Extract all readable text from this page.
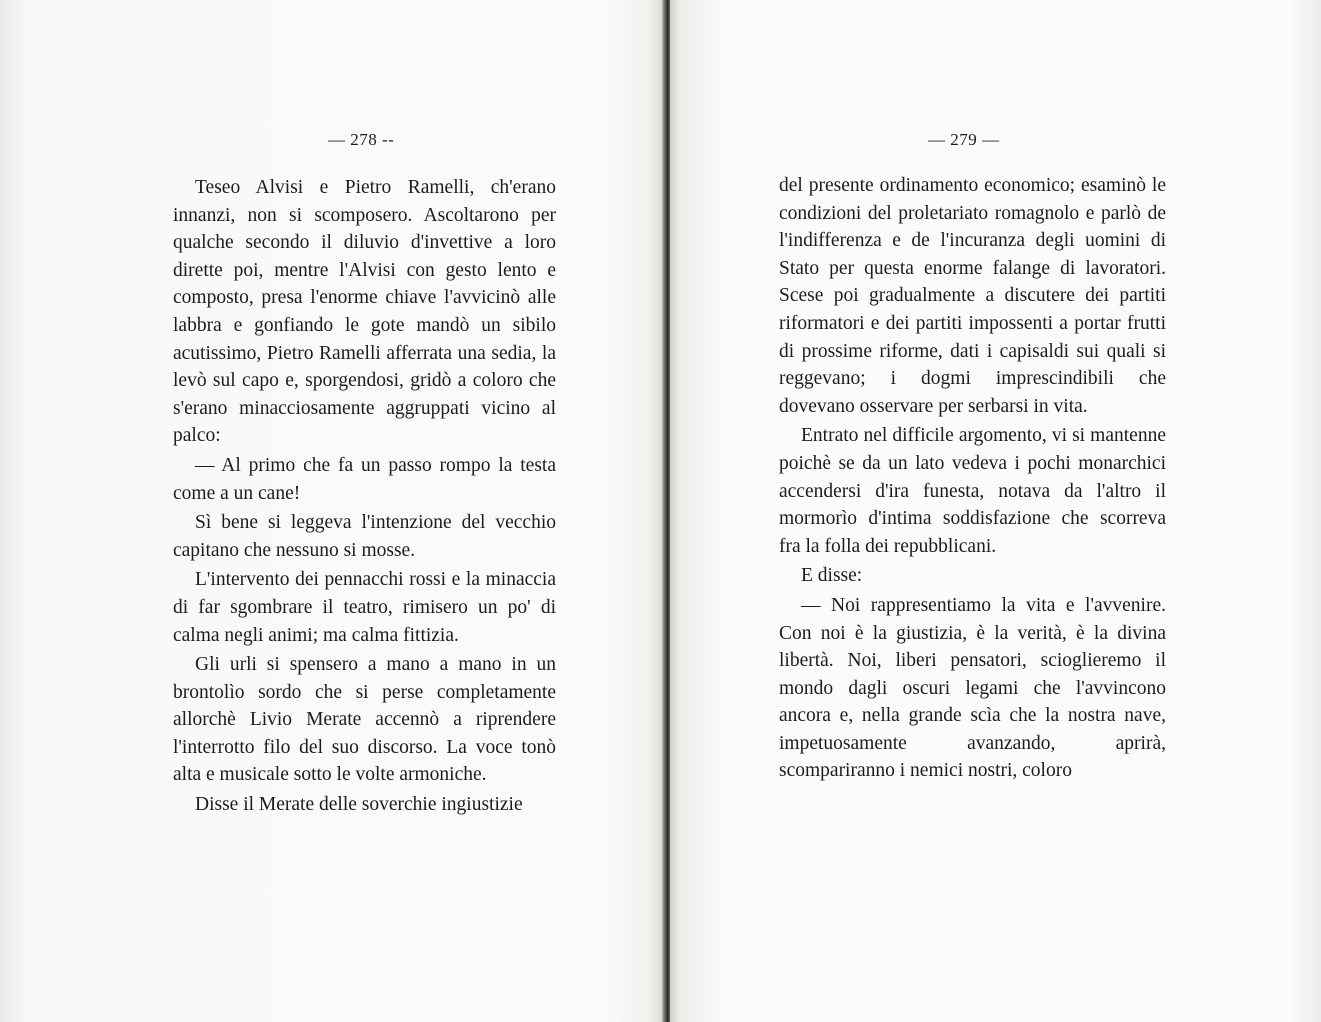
— 278 --

Teseo Alvisi e Pietro Ramelli, ch'erano innanzi, non si scomposero. Ascoltarono per qualche secondo il diluvio d'invettive a loro dirette poi, mentre l'Alvisi con gesto lento e composto, presa l'enorme chiave l'avvicinò alle labbra e gonfiando le gote mandò un sibilo acutissimo, Pietro Ramelli afferrata una sedia, la levò sul capo e, sporgendosi, gridò a coloro che s'erano minacciosamente aggruppati vicino al palco:

— Al primo che fa un passo rompo la testa come a un cane!

Sì bene si leggeva l'intenzione del vecchio capitano che nessuno si mosse.

L'intervento dei pennacchi rossi e la minaccia di far sgombrare il teatro, rimisero un po' di calma negli animi; ma calma fittizia.

Gli urli si spensero a mano a mano in un brontolìo sordo che si perse completamente allorchè Livio Merate accennò a riprendere l'interrotto filo del suo discorso. La voce tonò alta e musicale sotto le volte armoniche.

Disse il Merate delle soverchie ingiustizie

— 279 —

del presente ordinamento economico; esaminò le condizioni del proletariato romagnolo e parlò de l'indifferenza e de l'incuranza degli uomini di Stato per questa enorme falange di lavoratori. Scese poi gradualmente a discutere dei partiti riformatori e dei partiti impossenti a portar frutti di prossime riforme, dati i capisaldi sui quali si reggevano; i dogmi imprescindibili che dovevano osservare per serbarsi in vita.

Entrato nel difficile argomento, vi si mantenne poichè se da un lato vedeva i pochi monarchici accendersi d'ira funesta, notava da l'altro il mormorìo d'intima soddisfazione che scorreva fra la folla dei repubblicani.

E disse:

— Noi rappresentiamo la vita e l'avvenire. Con noi è la giustizia, è la verità, è la divina libertà. Noi, liberi pensatori, scioglieremo il mondo dagli oscuri legami che l'avvincono ancora e, nella grande scìa che la nostra nave, impetuosamente avanzando, aprirà, scompariranno i nemici nostri, coloro
